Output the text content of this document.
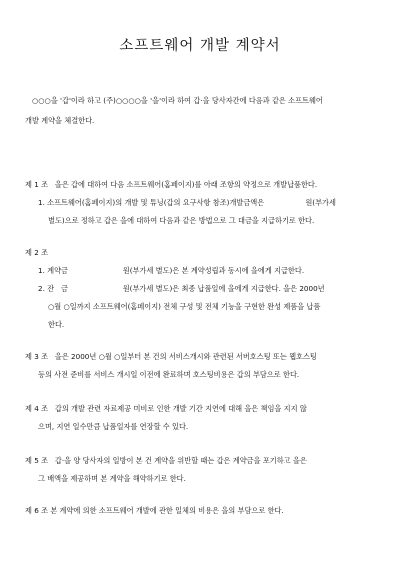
소프트웨어 개발 계약서
○○○을 '갑'이라 하고 (주)○○○○을 '을'이라 하여 갑·을 당사자간에 다음과 같은 소프트웨어
개발 계약을 체결한다.
제 1 조   을은 갑에 대하여 다음 소프트웨어(홈페이지)를 아래 조항의 약정으로 개발납품한다.
1. 소프트웨어(홈페이지)의 개발 및 튜닝(갑의 요구사항 참조)개발금액은                  원(부가세
별도)으로 정하고 갑은 을에 대하여 다음과 같은 방법으로 그 대금을 지급하기로 한다.
제 2 조
1. 계약금                        원(부가세 별도)은 본 계약성립과 동시에 을에게 지급한다.
2. 잔   금                        원(부가세 별도)은 최종 납품일에 을에게 지급한다. 을은 2000년
○월 ○일까지 소프트웨어(홈페이지) 전체 구성 및 전체 기능을 구현한 완성 제품을 납품
한다.
제 3 조   을은 2000년 ○월 ○일부터 본 건의 서비스개시와 관련된 서버호스팅 또는 웹호스팅
등의 사전 준비를 서비스 개시일 이전에 완료하며 호스팅비용은 갑의 부담으로 한다.
제 4 조   갑의 개발 관련 자료제공 미비로 인한 개발 기간 지연에 대해 을은 책임을 지지 않
으며, 지연 일수만큼 납품일자를 연장할 수 있다.
제 5 조   갑·을 양 당사자의 일방이 본 건 계약을 위반할 때는 갑은 계약금을 포기하고 을은
그 배액을 제공하며 본 계약을 해약하기로 한다.
제 6 조 본 계약에 의한 소프트웨어 개발에 관한 일체의 비용은 을의 부담으로 한다.
